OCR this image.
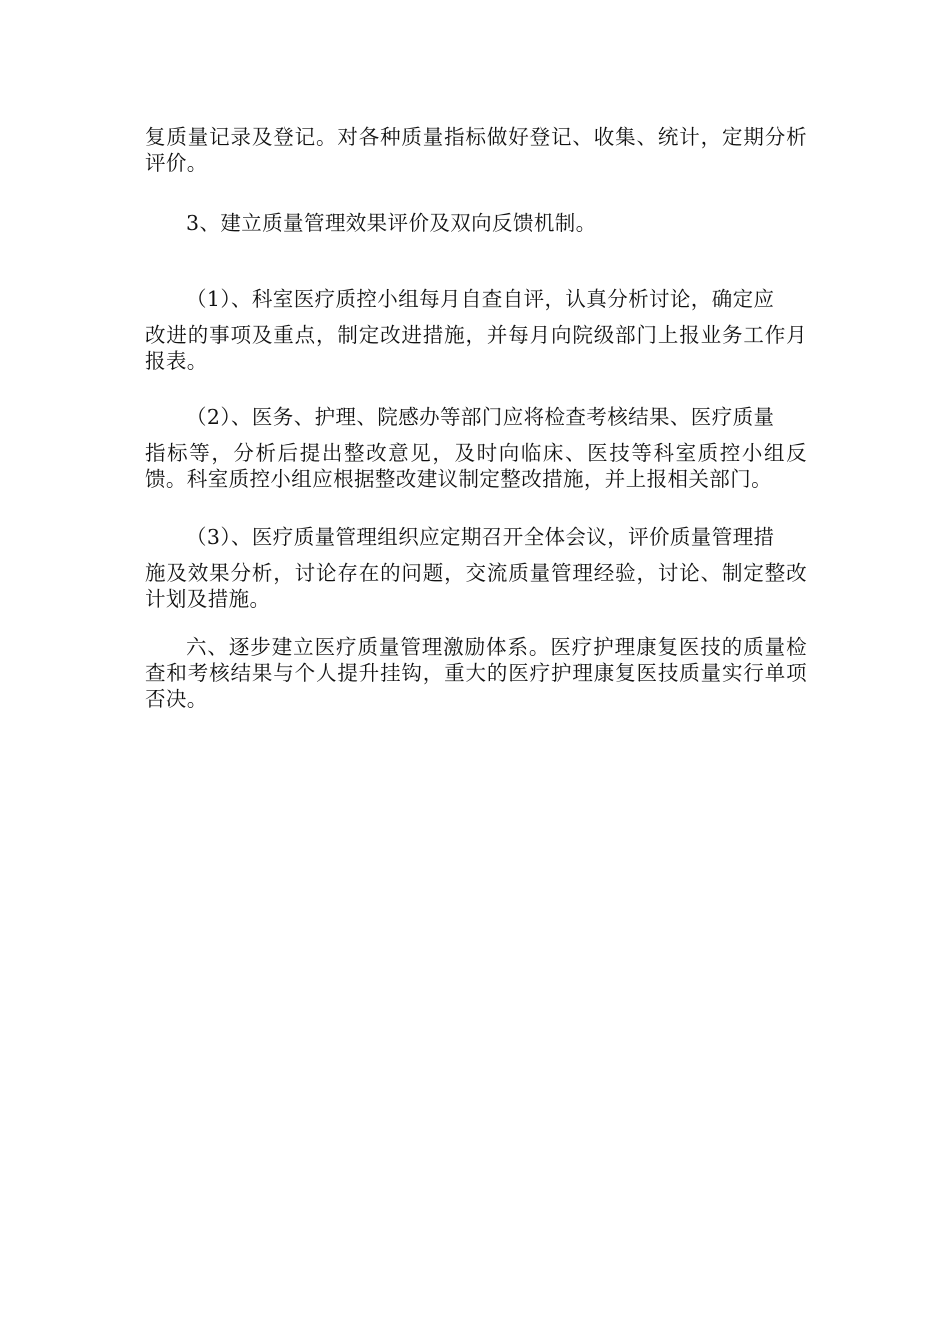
复质量记录及登记。对各种质量指标做好登记、收集、统计，定期分析评价。

3、建立质量管理效果评价及双向反馈机制。

（1）、科室医疗质控小组每月自查自评，认真分析讨论，确定应
改进的事项及重点，制定改进措施，并每月向院级部门上报业务工作月报表。
（2）、医务、护理、院感办等部门应将检查考核结果、医疗质量
指标等，分析后提出整改意见，及时向临床、医技等科室质控小组反馈。科室质控小组应根据整改建议制定整改措施，并上报相关部门。
（3）、医疗质量管理组织应定期召开全体会议，评价质量管理措
施及效果分析，讨论存在的问题，交流质量管理经验，讨论、制定整改计划及措施。

六、逐步建立医疗质量管理激励体系。医疗护理康复医技的质量检查和考核结果与个人提升挂钩，重大的医疗护理康复医技质量实行单项否决。
